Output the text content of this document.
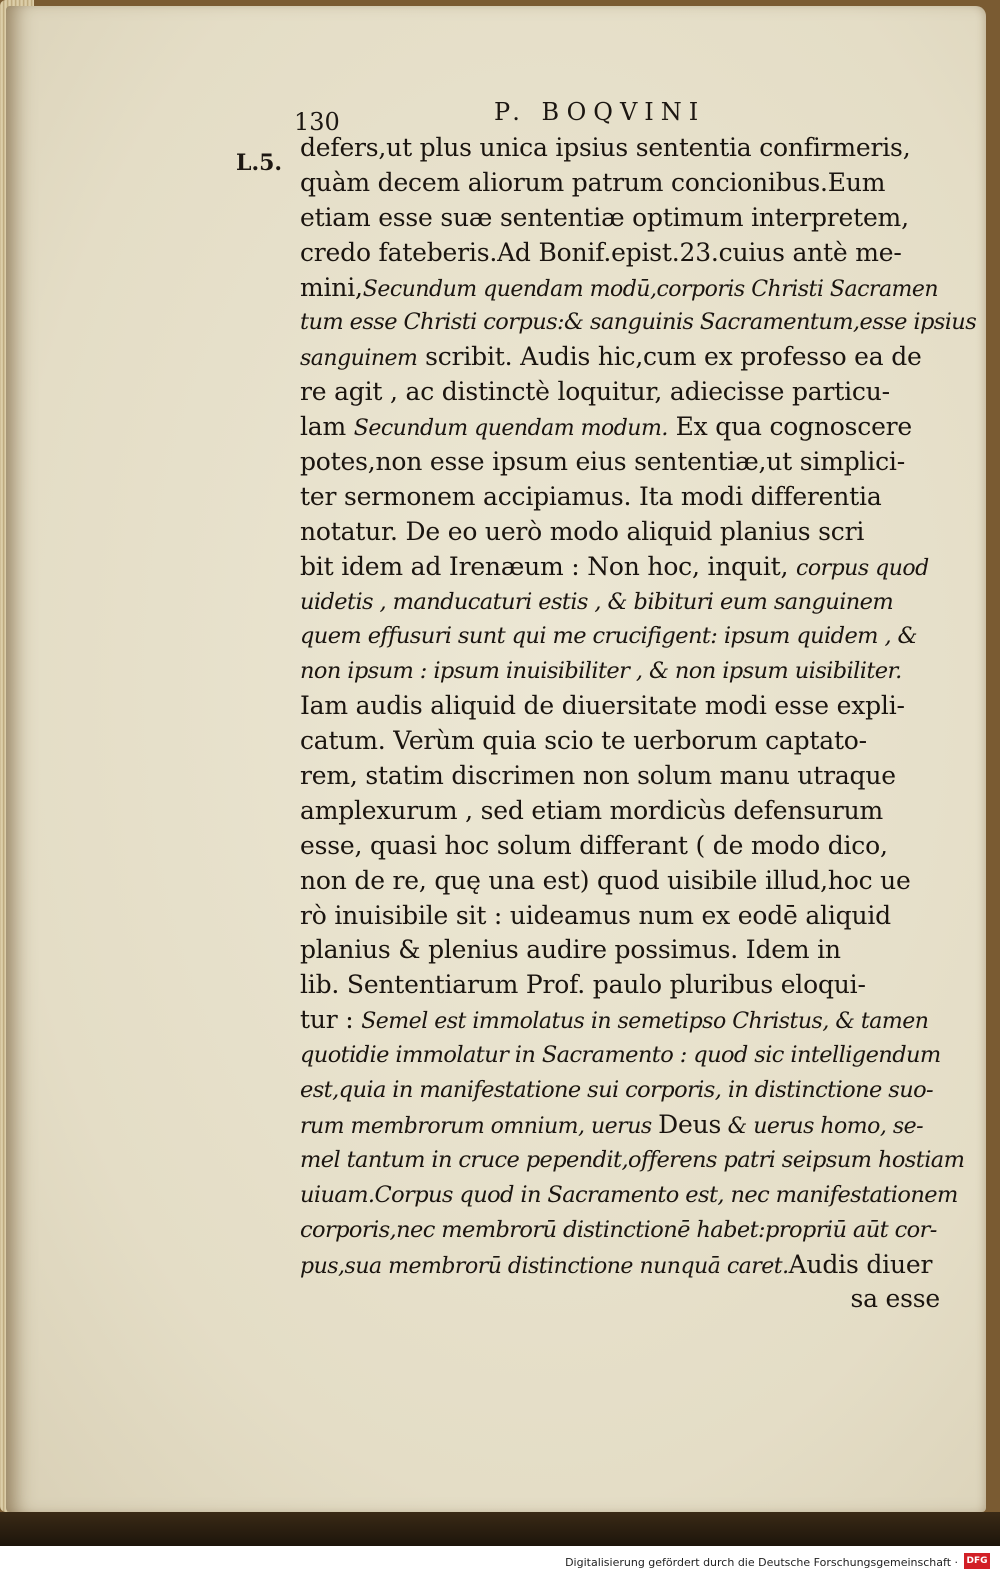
130	P. BOQVINI
L.5.
defers,ut plus unica ipsius sententia confirmeris,
quàm decem aliorum patrum concionibus.Eum
etiam esse suæ sententiæ optimum interpretem,
credo fateberis.Ad Bonif.epist.23.cuius antè me-
mini,Secundum quendam modū,corporis Christi Sacramen
tum esse Christi corpus:& sanguinis Sacramentum,esse ipsius
sanguinem scribit. Audis hic,cum ex professo ea de
re agit , ac distinctè loquitur, adiecisse particu-
lam Secundum quendam modum. Ex qua cognoscere
potes,non esse ipsum eius sententiæ,ut simplici-
ter sermonem accipiamus. Ita modi differentia
notatur. De eo uerò modo aliquid planius scri
bit idem ad Irenæum : Non hoc, inquit, corpus quod
uidetis , manducaturi estis , & bibituri eum sanguinem
quem effusuri sunt qui me crucifigent: ipsum quidem , &
non ipsum : ipsum inuisibiliter , & non ipsum uisibiliter.
Iam audis aliquid de diuersitate modi esse expli-
catum. Verùm quia scio te uerborum captato-
rem, statim discrimen non solum manu utraque
amplexurum , sed etiam mordicùs defensurum
esse, quasi hoc solum differant ( de modo dico,
non de re, quę una est) quod uisibile illud,hoc ue
rò inuisibile sit : uideamus num ex eodē aliquid
planius & plenius audire possimus. Idem in
lib. Sententiarum Prof. paulo pluribus eloqui-
tur : Semel est immolatus in semetipso Christus, & tamen
quotidie immolatur in Sacramento : quod sic intelligendum
est,quia in manifestatione sui corporis, in distinctione suo-
rum membrorum omnium, uerus Deus & uerus homo, se-
mel tantum in cruce pependit,offerens patri seipsum hostiam
uiuam.Corpus quod in Sacramento est, nec manifestationem
corporis,nec membrorū distinctionē habet:propriū aūt cor-
pus,sua membrorū distinctione nunquā caret.Audis diuer
sa esse
Digitalisierung gefördert durch die Deutsche Forschungsgemeinschaft · DFG
